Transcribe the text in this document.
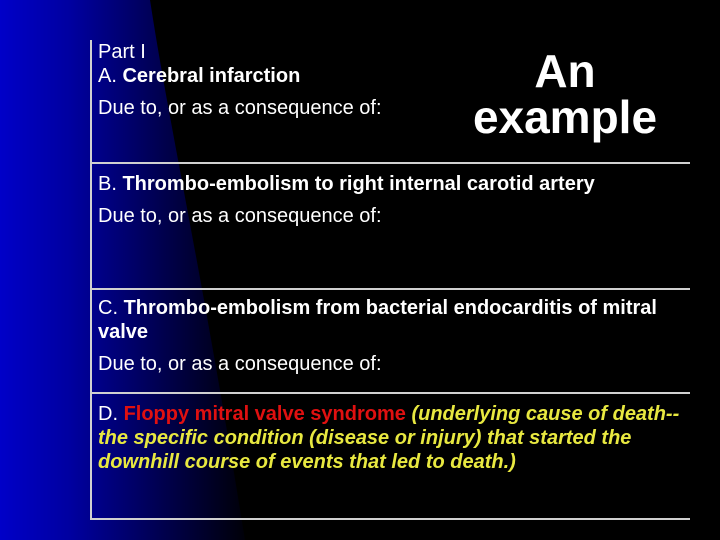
Part I
A. Cerebral infarction
Due to, or as a consequence of:
An
example
B. Thrombo-embolism to right internal carotid artery
Due to, or as a consequence of:
C. Thrombo-embolism from bacterial endocarditis of mitral valve
Due to, or as a consequence of:
D. Floppy mitral valve syndrome (underlying cause of death-- the specific condition (disease or injury) that started the downhill course of events that led to death.)
